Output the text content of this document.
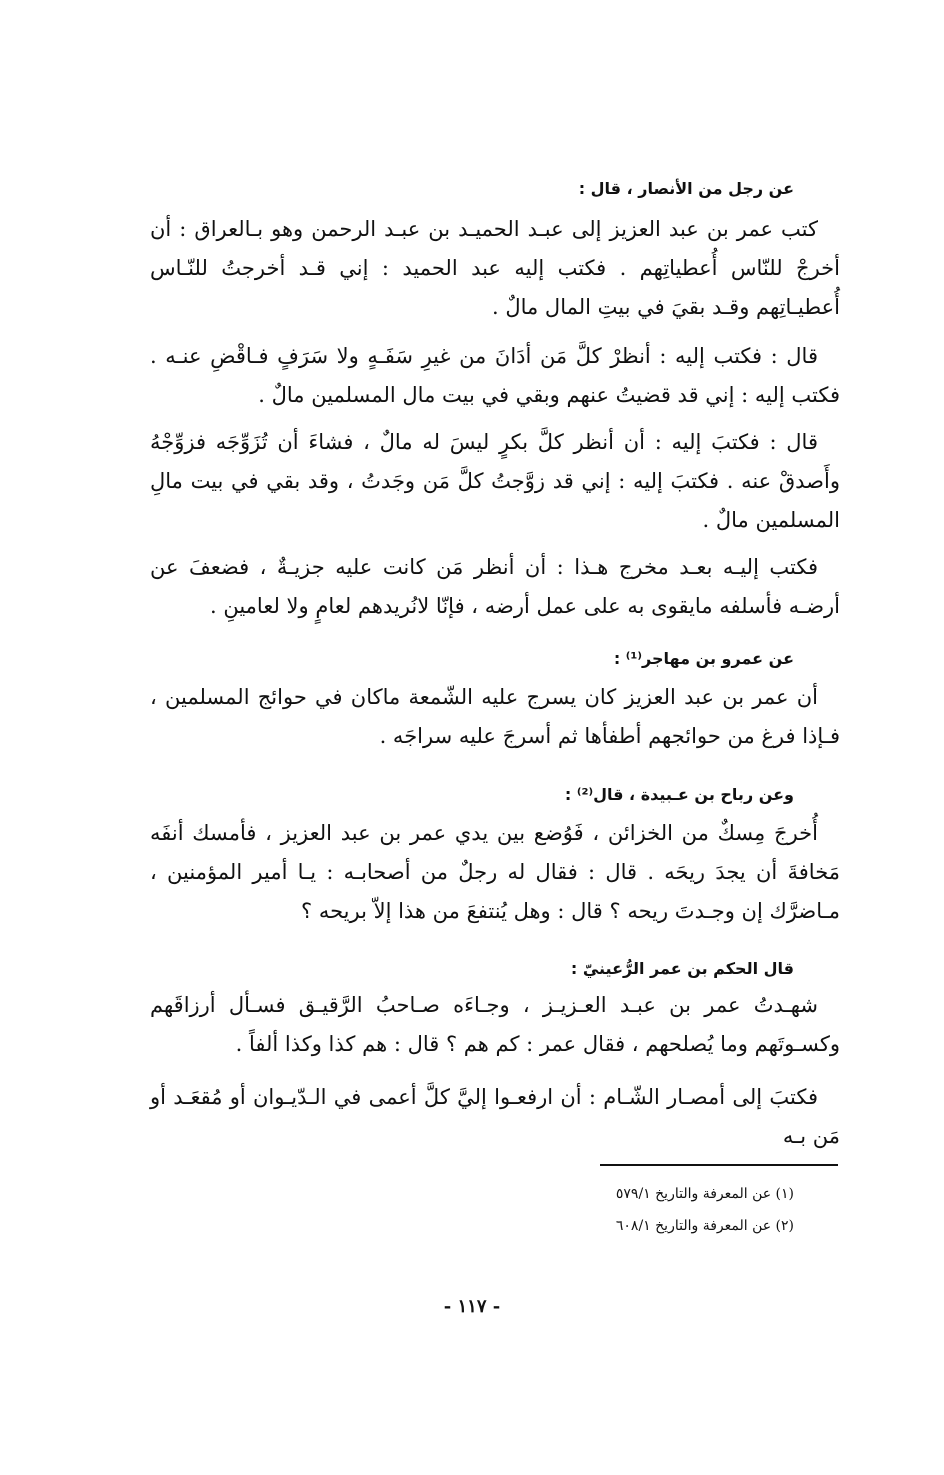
عن رجل من الأنصار ، قال :

كتب عمر بن عبد العزيز إلى عبـد الحميـد بن عبـد الرحمن وهو بـالعراق : أن أخرجْ للنّاس أُعطياتِهم . فكتب إليه عبد الحميد : إني قـد أخرجتُ للنّـاس أُعطيـاتِهم وقـد بقيَ في بيتِ المال مالٌ .

قال : فكتب إليه : أنظرْ كلَّ مَن أدَانَ من غيرِ سَفَـهٍ ولا سَرَفٍ فـاقْضِ عنـه . فكتب إليه : إني قد قضيتُ عنهم وبقي في بيت مال المسلمين مالٌ .

قال : فكتبَ إليه : أن أنظر كلَّ بكرٍ ليسَ له مالٌ ، فشاءَ أن تُزَوِّجَه فزوِّجْهُ وأَصدقْ عنه . فكتبَ إليه : إني قد زوَّجتُ كلَّ مَن وجَدتُ ، وقد بقي في بيت مالِ المسلمين مالٌ .

فكتب إليـه بعـد مخرج هـذا : أن أنظر مَن كانت عليه جزيـةٌ ، فضعفَ عن أرضـه فأسلفه مايقوى به على عمل أرضه ، فإنّا لانُريدهم لعامٍ ولا لعامينِ .

عن عمرو بن مهاجر⁽¹⁾ :

أن عمر بن عبد العزيز كان يسرج عليه الشّمعة ماكان في حوائج المسلمين ، فـإذا فرغ من حوائجهم أطفأها ثم أسرجَ عليه سراجَه .

وعن رباح بن عـبيدة ، قال⁽²⁾ :

أُخرجَ مِسكٌ من الخزائن ، فَوُضع بين يدي عمر بن عبد العزيز ، فأمسك أنفَه مَخافةَ أن يجدَ ريحَه . قال : فقال له رجلٌ من أصحابـه : يـا أمير المؤمنين ، مـاضرَّك إن وجـدتَ ريحه ؟ قال : وهل يُنتفعَ من هذا إلاّ بريحه ؟

قال الحكم بن عمر الرُّعينيّ :

شهـدتُ عمر بن عبـد العـزيـز ، وجـاءَه صـاحبُ الرَّقيـق فسـأل أرزاقَهم وكسـوتَهم وما يُصلحهم ، فقال عمر : كم هم ؟ قال : هم كذا وكذا ألفاً .

فكتبَ إلى أمصـار الشّـام : أن ارفعـوا إليَّ كلَّ أعمى في الـدّيـوان أو مُقعَـد أو مَن بـه

(١) عن المعرفة والتاريخ ٥٧٩/١
(٢) عن المعرفة والتاريخ ٦٠٨/١
- ١١٧ -
